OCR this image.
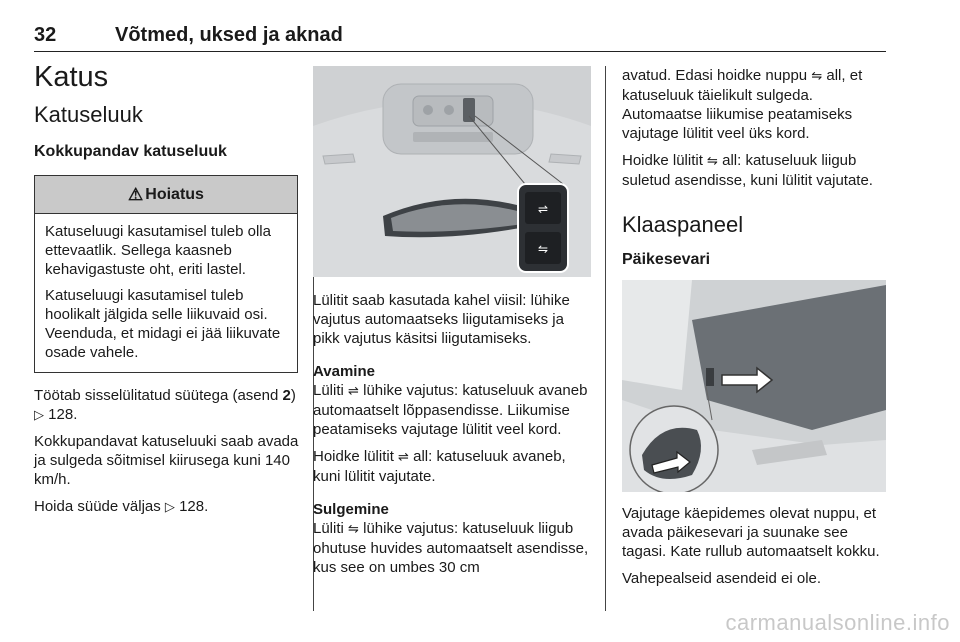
32	Võtmed, uksed ja aknad
Katus
Katuseluuk
Kokkupandav katuseluuk
⚠ Hoiatus

Katuseluugi kasutamisel tuleb olla ettevaatlik. Sellega kaasneb kehavigastuste oht, eriti lastel.

Katuseluugi kasutamisel tuleb hoolikalt jälgida selle liikuvaid osi. Veenduda, et midagi ei jää liikuvate osade vahele.

Töötab sisselülitatud süütega (asend 2) ▷ 128.

Kokkupandavat katuseluuki saab avada ja sulgeda sõitmisel kiirusega kuni 140 km/h.

Hoida süüde väljas ▷ 128.

⇌
⇋

Lülitit saab kasutada kahel viisil: lühike vajutus automaatseks liigutamiseks ja pikk vajutus käsitsi liigutamiseks.

Avamine

Lüliti ⇌ lühike vajutus: katuseluuk avaneb automaatselt lõppasendisse. Liikumise peatamiseks vajutage lülitit veel kord.

Hoidke lülitit ⇌ all: katuseluuk avaneb, kuni lülitit vajutate.

Sulgemine

Lüliti ⇋ lühike vajutus: katuseluuk liigub ohutuse huvides automaatselt asendisse, kus see on umbes 30 cm

avatud. Edasi hoidke nuppu ⇋ all, et katuseluuk täielikult sulgeda. Automaatse liikumise peatamiseks vajutage lülitit veel üks kord.

Hoidke lülitit ⇋ all: katuseluuk liigub suletud asendisse, kuni lülitit vajutate.

Klaaspaneel
Päikesevari

Vajutage käepidemes olevat nuppu, et avada päikesevari ja suunake see tagasi. Kate rullub automaatselt kokku.

Vahepealseid asendeid ei ole.

carmanualsonline.info
